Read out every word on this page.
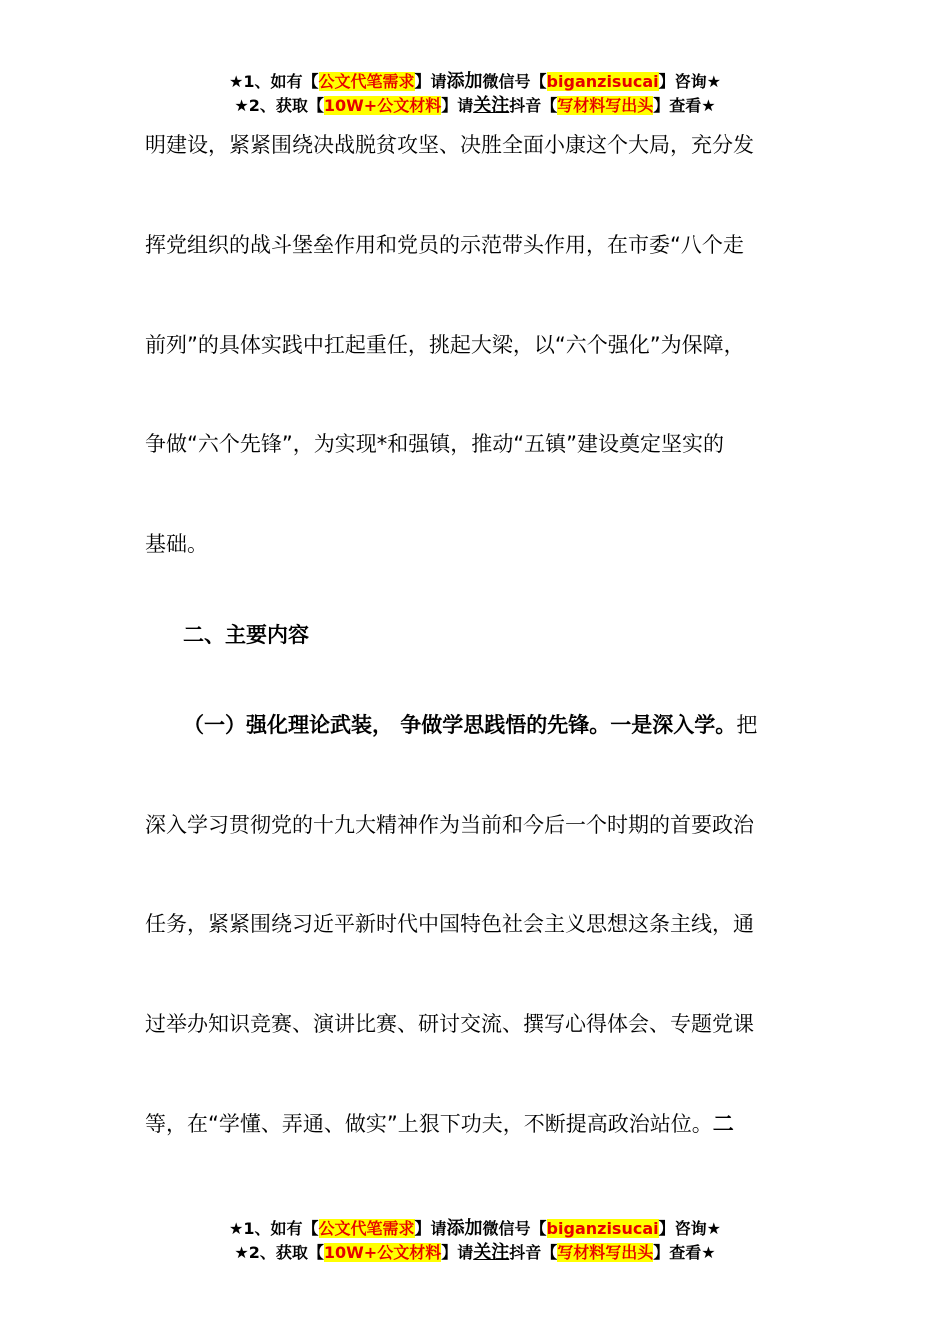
★1、如有【公文代笔需求】请添加微信号【biganzisucai】咨询★
★2、获取【10W+公文材料】请关注抖音【写材料写出头】查看★
明建设，紧紧围绕决战脱贫攻坚、决胜全面小康这个大局，充分发
挥党组织的战斗堡垒作用和党员的示范带头作用，在市委“八个走
前列”的具体实践中扛起重任，挑起大梁，以“六个强化”为保障，
争做“六个先锋”，为实现*和强镇，推动“五镇”建设奠定坚实的
基础。
二、主要内容
（一）强化理论武装， 争做学思践悟的先锋。一是深入学。把
深入学习贯彻党的十九大精神作为当前和今后一个时期的首要政治
任务，紧紧围绕习近平新时代中国特色社会主义思想这条主线，通
过举办知识竞赛、演讲比赛、研讨交流、撰写心得体会、专题党课
等，在“学懂、弄通、做实”上狠下功夫，不断提高政治站位。二
★1、如有【公文代笔需求】请添加微信号【biganzisucai】咨询★
★2、获取【10W+公文材料】请关注抖音【写材料写出头】查看★
